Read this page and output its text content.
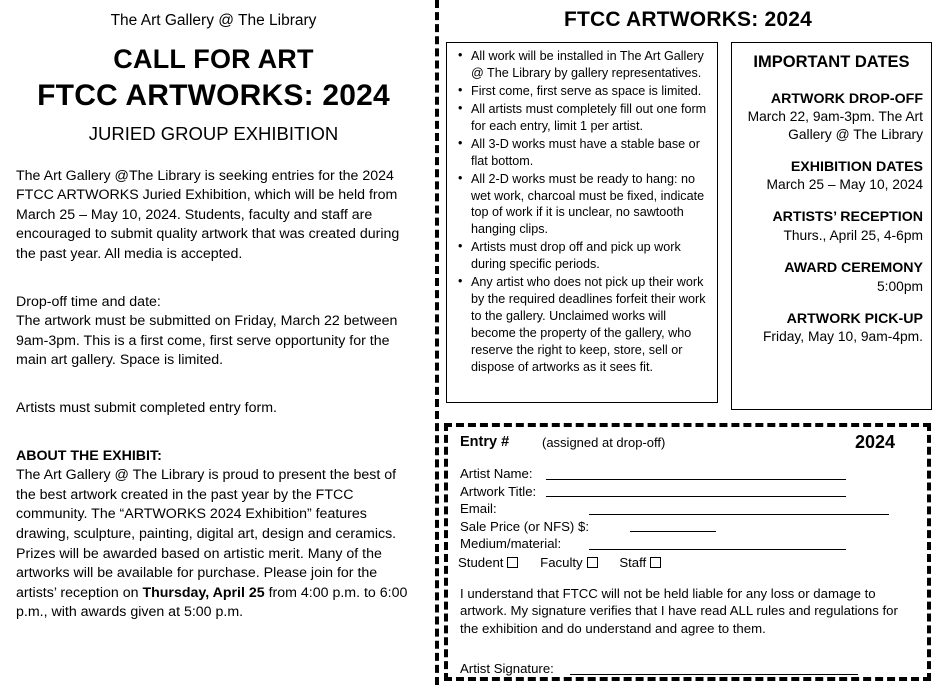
The Art Gallery @ The Library
CALL FOR ART
FTCC ARTWORKS: 2024
JURIED GROUP EXHIBITION

The Art Gallery @The Library is seeking entries for the 2024 FTCC ARTWORKS Juried Exhibition, which will be held from March 25 – May 10, 2024. Students, faculty and staff are encouraged to submit quality artwork that was created during the past year. All media is accepted.

Drop-off time and date:

The artwork must be submitted on Friday, March 22 between 9am-3pm. This is a first come, first serve opportunity for the main art gallery. Space is limited.

Artists must submit completed entry form.

ABOUT THE EXHIBIT:

The Art Gallery @ The Library is proud to present the best of the best artwork created in the past year by the FTCC community. The “ARTWORKS 2024 Exhibition” features drawing, sculpture, painting, digital art, design and ceramics. Prizes will be awarded based on artistic merit. Many of the artworks will be available for purchase. Please join for the artists’ reception on Thursday, April 25 from 4:00 p.m. to 6:00 p.m., with awards given at 5:00 p.m.

FTCC ARTWORKS: 2024
• All work will be installed in The Art Gallery @ The Library by gallery representatives.
• First come, first serve as space is limited.
• All artists must completely fill out one form for each entry, limit 1 per artist.
• All 3-D works must have a stable base or flat bottom.
• All 2-D works must be ready to hang: no wet work, charcoal must be fixed, indicate top of work if it is unclear, no sawtooth hanging clips.
• Artists must drop off and pick up work during specific periods.
• Any artist who does not pick up their work by the required deadlines forfeit their work to the gallery. Unclaimed works will become the property of the gallery, who reserve the right to keep, store, sell or dispose of artworks as it sees fit.
IMPORTANT DATES
ARTWORK DROP-OFF
March 22, 9am-3pm. The Art Gallery @ The Library
EXHIBITION DATES
March 25 – May 10, 2024
ARTISTS’ RECEPTION
Thurs., April 25, 4-6pm
AWARD CEREMONY
5:00pm
ARTWORK PICK-UP
Friday, May 10, 9am-4pm.
Entry #	(assigned at drop-off)	2024
Artist Name:
Artwork Title:
Email:
Sale Price (or NFS) $:
Medium/material:
Student	Faculty	Staff
I understand that FTCC will not be held liable for any loss or damage to artwork. My signature verifies that I have read ALL rules and regulations for the exhibition and do understand and agree to them.
Artist Signature:
